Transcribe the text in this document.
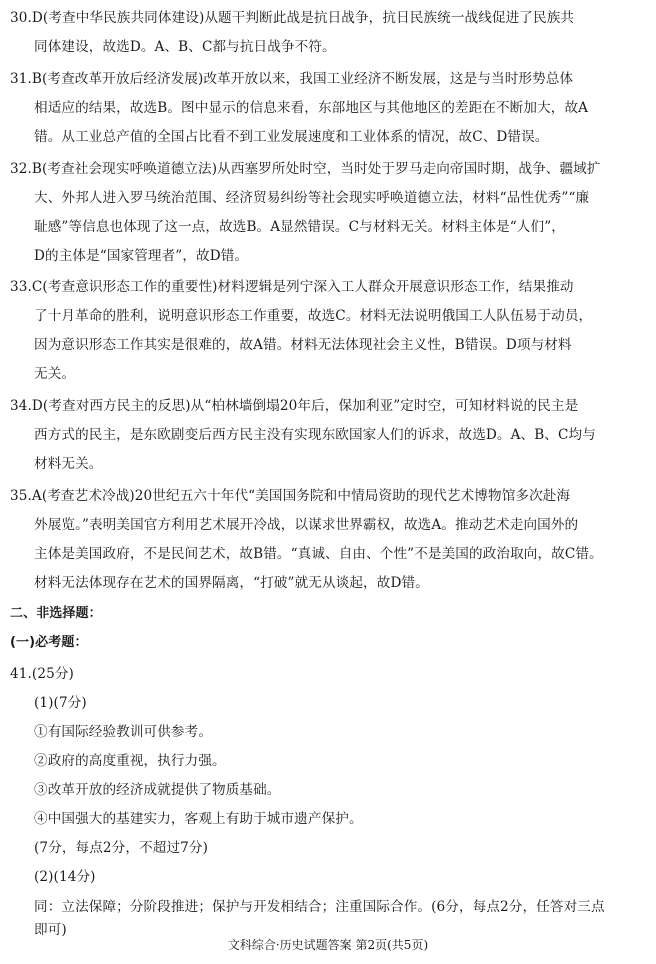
30.D(考查中华民族共同体建设)从题干判断此战是抗日战争，抗日民族统一战线促进了民族共
同体建设，故选D。A、B、C都与抗日战争不符。
31.B(考查改革开放后经济发展)改革开放以来，我国工业经济不断发展，这是与当时形势总体
相适应的结果，故选B。图中显示的信息来看，东部地区与其他地区的差距在不断加大，故A
错。从工业总产值的全国占比看不到工业发展速度和工业体系的情况，故C、D错误。
32.B(考查社会现实呼唤道德立法)从西塞罗所处时空，当时处于罗马走向帝国时期，战争、疆域扩
大、外邦人进入罗马统治范围、经济贸易纠纷等社会现实呼唤道德立法，材料“品性优秀”“廉
耻感”等信息也体现了这一点，故选B。A显然错误。C与材料无关。材料主体是“人们”，
D的主体是“国家管理者”，故D错。
33.C(考查意识形态工作的重要性)材料逻辑是列宁深入工人群众开展意识形态工作，结果推动
了十月革命的胜利，说明意识形态工作重要，故选C。材料无法说明俄国工人队伍易于动员，
因为意识形态工作其实是很难的，故A错。材料无法体现社会主义性，B错误。D项与材料
无关。
34.D(考查对西方民主的反思)从“柏林墙倒塌20年后，保加利亚”定时空，可知材料说的民主是
西方式的民主，是东欧剧变后西方民主没有实现东欧国家人们的诉求，故选D。A、B、C均与
材料无关。
35.A(考查艺术冷战)20世纪五六十年代“美国国务院和中情局资助的现代艺术博物馆多次赴海
外展览。”表明美国官方利用艺术展开冷战，以谋求世界霸权，故选A。推动艺术走向国外的
主体是美国政府，不是民间艺术，故B错。“真诚、自由、个性”不是美国的政治取向，故C错。
材料无法体现存在艺术的国界隔离，“打破”就无从谈起，故D错。
二、非选择题：
(一)必考题：
41.(25分)
(1)(7分)
①有国际经验教训可供参考。
②政府的高度重视，执行力强。
③改革开放的经济成就提供了物质基础。
④中国强大的基建实力，客观上有助于城市遗产保护。
(7分，每点2分，不超过7分)
(2)(14分)
同：立法保障；分阶段推进；保护与开发相结合；注重国际合作。(6分，每点2分，任答对三点
即可)
文科综合·历史试题答案 第2页(共5页)
